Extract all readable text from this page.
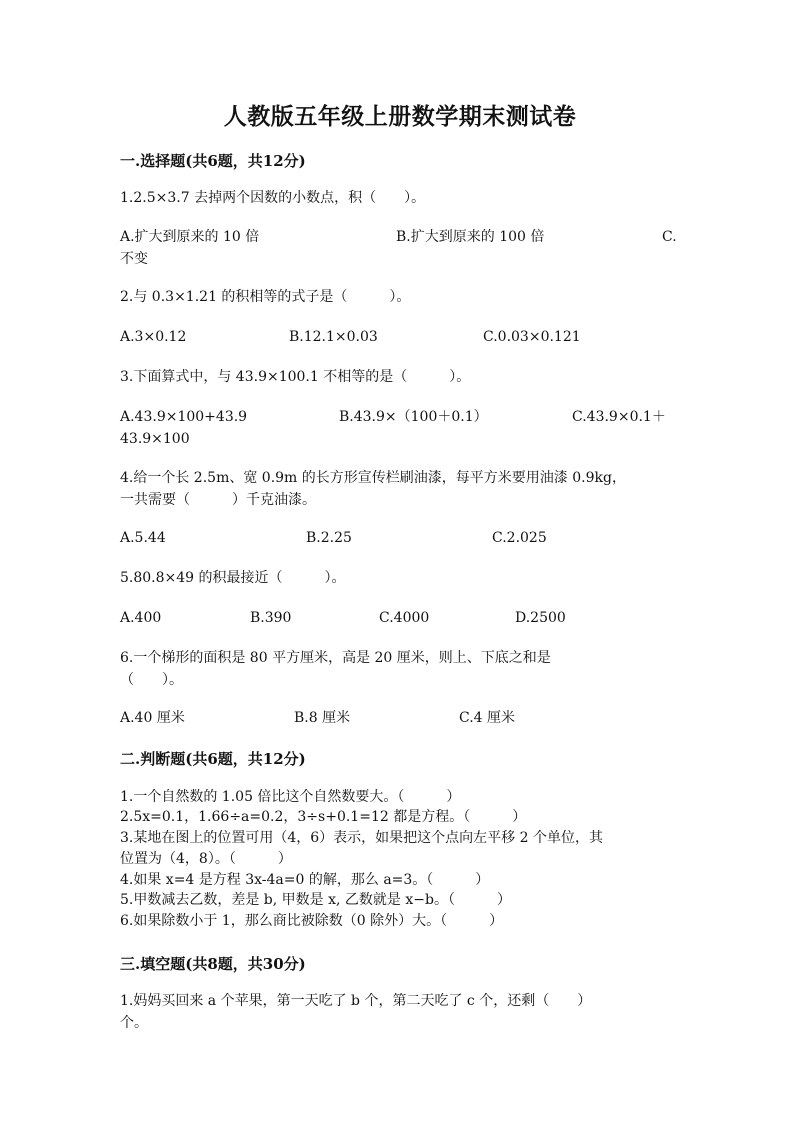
人教版五年级上册数学期末测试卷
一.选择题(共6题，共12分)
1.2.5×3.7 去掉两个因数的小数点，积（　　）。
A.扩大到原来的 10 倍	B.扩大到原来的 100 倍	C.
不变
2.与 0.3×1.21 的积相等的式子是（　　　）。
A.3×0.12	B.12.1×0.03	C.0.03×0.121
3.下面算式中，与 43.9×100.1 不相等的是（　　　）。
A.43.9×100+43.9	B.43.9×（100＋0.1）	C.43.9×0.1＋
43.9×100
4.给一个长 2.5m、宽 0.9m 的长方形宣传栏刷油漆，每平方米要用油漆 0.9kg，
一共需要（　　　）千克油漆。
A.5.44	B.2.25	C.2.025
5.80.8×49 的积最接近（　　　）。
A.400	B.390	C.4000	D.2500
6.一个梯形的面积是 80 平方厘米，高是 20 厘米，则上、下底之和是
（　　）。
A.40 厘米	B.8 厘米	C.4 厘米
二.判断题(共6题，共12分)
1.一个自然数的 1.05 倍比这个自然数要大。（　　　）
2.5x=0.1，1.66÷a=0.2，3÷s+0.1=12 都是方程。（　　　）
3.某地在图上的位置可用（4，6）表示，如果把这个点向左平移 2 个单位，其
位置为（4，8）。（　　　）
4.如果 x=4 是方程 3x-4a=0 的解，那么 a=3。（　　　）
5.甲数减去乙数，差是 b, 甲数是 x, 乙数就是 x−b。（　　　）
6.如果除数小于 1，那么商比被除数（0 除外）大。（　　　）
三.填空题(共8题，共30分)
1.妈妈买回来 a 个苹果，第一天吃了 b 个，第二天吃了 c 个，还剩（　　）
个。
